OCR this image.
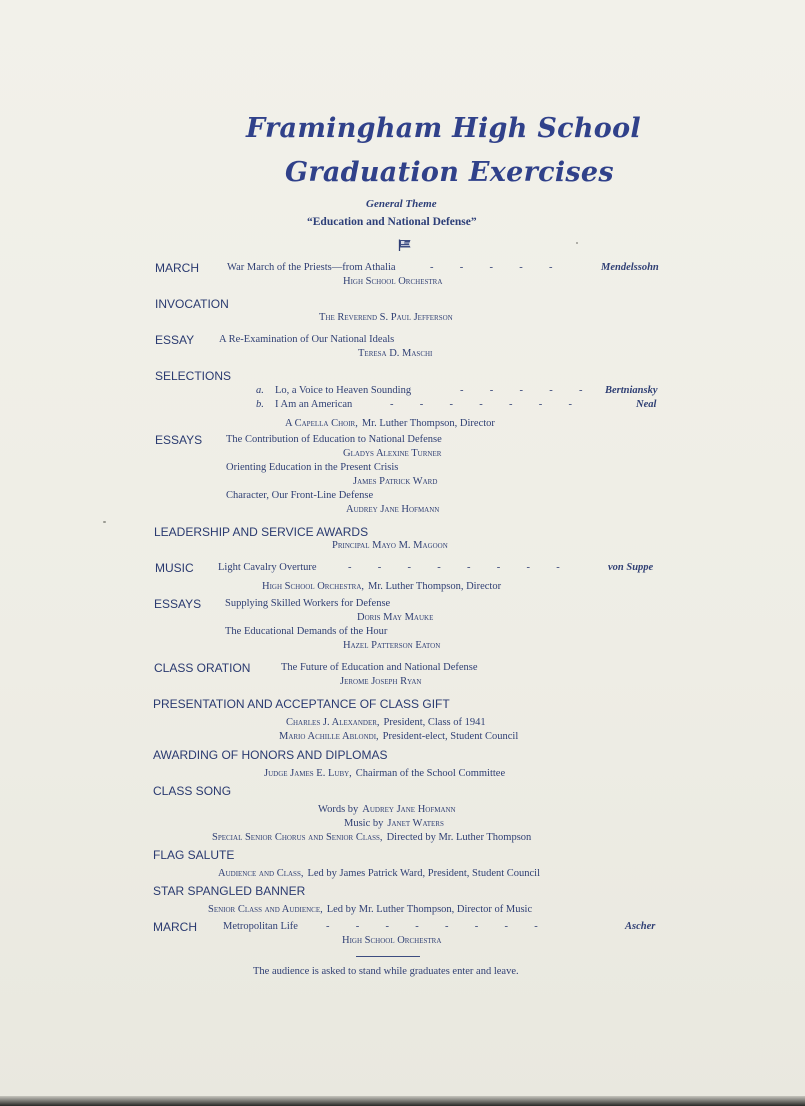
Framingham High School
Graduation Exercises
General Theme
“Education and National Defense”
MARCH	War March of the Priests—from Athalia	-          -          -          -          -	Mendelssohn
High School Orchestra
INVOCATION
The Reverend S. Paul Jefferson
ESSAY A Re-Examination of Our National Ideals
Teresa D. Maschi
SELECTIONS
a. Lo, a Voice to Heaven Sounding	-          -          -          -          - Bertniansky
b. I Am an American	-          -          -          -          -          -          -	Neal
A Capella Choir, Mr. Luther Thompson, Director
ESSAYS The Contribution of Education to National Defense
Gladys Alexine Turner
Orienting Education in the Present Crisis
James Patrick Ward
Character, Our Front-Line Defense
Audrey Jane Hofmann
LEADERSHIP AND SERVICE AWARDS
Principal Mayo M. Magoon
MUSIC Light Cavalry Overture	-          -          -          -          -          -          -          -	von Suppe
High School Orchestra, Mr. Luther Thompson, Director
ESSAYS Supplying Skilled Workers for Defense
Doris May Mauke
The Educational Demands of the Hour
Hazel Patterson Eaton
CLASS ORATION	The Future of Education and National Defense
Jerome Joseph Ryan
PRESENTATION AND ACCEPTANCE OF CLASS GIFT
Charles J. Alexander, President, Class of 1941
Mario Achille Ablondi, President-elect, Student Council
AWARDING OF HONORS AND DIPLOMAS
Judge James E. Luby, Chairman of the School Committee
CLASS SONG
Words by Audrey Jane Hofmann
Music by Janet Waters
Special Senior Chorus and Senior Class, Directed by Mr. Luther Thompson
FLAG SALUTE
Audience and Class, Led by James Patrick Ward, President, Student Council
STAR SPANGLED BANNER
Senior Class and Audience, Led by Mr. Luther Thompson, Director of Music
MARCH Metropolitan Life	-          -          -          -          -          -          -          -	Ascher
High School Orchestra
The audience is asked to stand while graduates enter and leave.
